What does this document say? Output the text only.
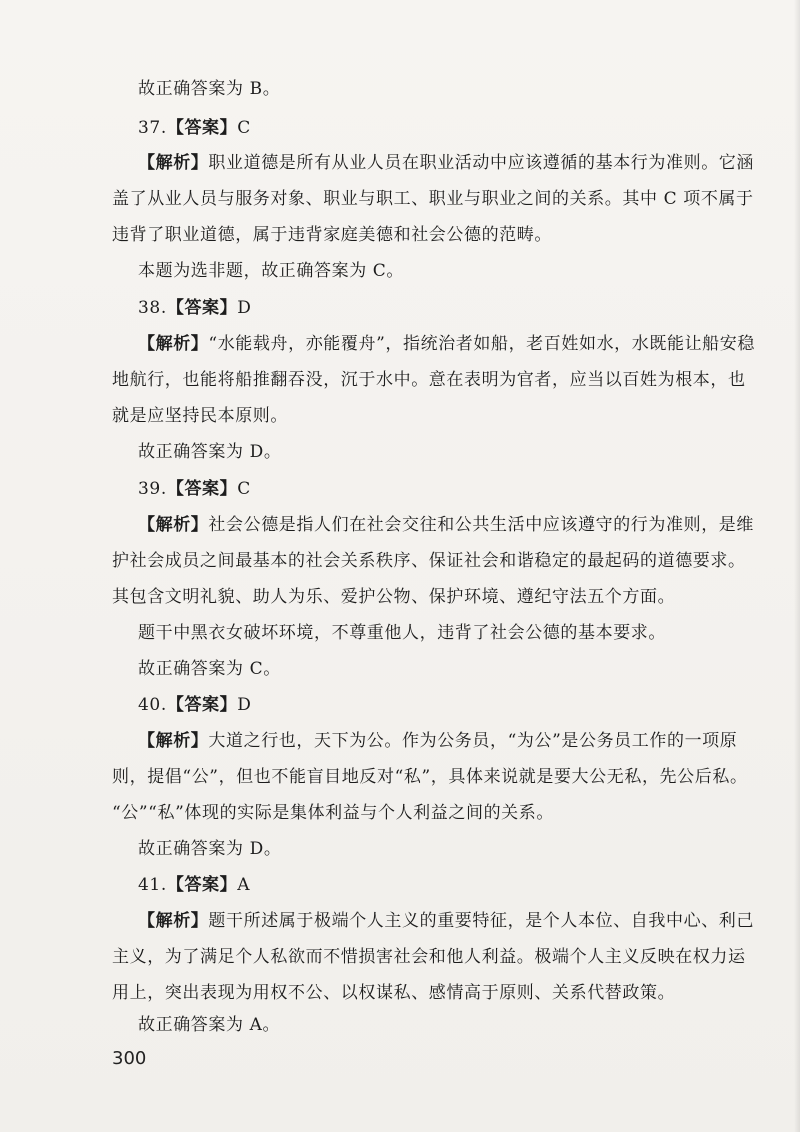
故正确答案为 B。
37.【答案】C
【解析】职业道德是所有从业人员在职业活动中应该遵循的基本行为准则。它涵
盖了从业人员与服务对象、职业与职工、职业与职业之间的关系。其中 C 项不属于
违背了职业道德，属于违背家庭美德和社会公德的范畴。
本题为选非题，故正确答案为 C。
38.【答案】D
【解析】“水能载舟，亦能覆舟”，指统治者如船，老百姓如水，水既能让船安稳
地航行，也能将船推翻吞没，沉于水中。意在表明为官者，应当以百姓为根本，也
就是应坚持民本原则。
故正确答案为 D。
39.【答案】C
【解析】社会公德是指人们在社会交往和公共生活中应该遵守的行为准则，是维
护社会成员之间最基本的社会关系秩序、保证社会和谐稳定的最起码的道德要求。
其包含文明礼貌、助人为乐、爱护公物、保护环境、遵纪守法五个方面。
题干中黑衣女破坏环境，不尊重他人，违背了社会公德的基本要求。
故正确答案为 C。
40.【答案】D
【解析】大道之行也，天下为公。作为公务员，“为公”是公务员工作的一项原
则，提倡“公”，但也不能盲目地反对“私”，具体来说就是要大公无私，先公后私。
“公”“私”体现的实际是集体利益与个人利益之间的关系。
故正确答案为 D。
41.【答案】A
【解析】题干所述属于极端个人主义的重要特征，是个人本位、自我中心、利己
主义，为了满足个人私欲而不惜损害社会和他人利益。极端个人主义反映在权力运
用上，突出表现为用权不公、以权谋私、感情高于原则、关系代替政策。
故正确答案为 A。
300
